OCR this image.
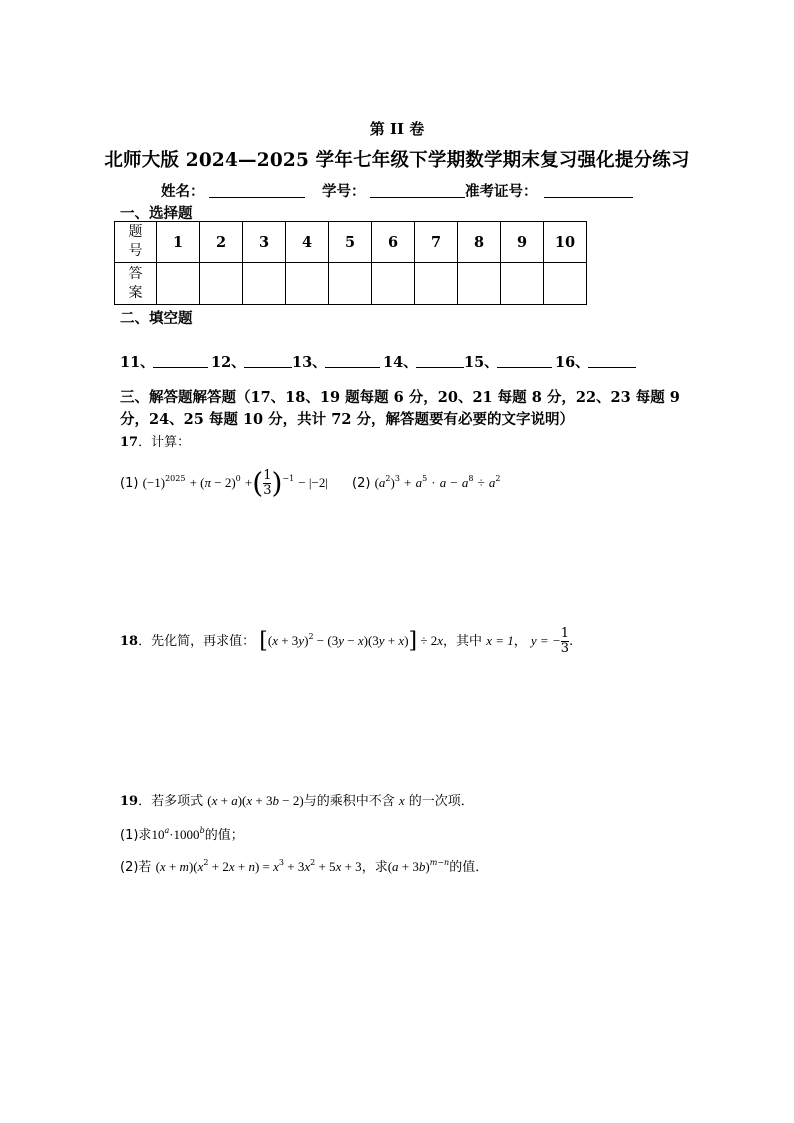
第 II 卷
北师大版 2024—2025 学年七年级下学期数学期末复习强化提分练习
姓名：	学号：	准考证号：
一、选择题
题
号	1	2	3	4	5	6	7	8	9	10
答
案										
二、填空题
11、	12、	13、	14、	15、	16、
三、解答题解答题（17、18、19 题每题 6 分，20、21 每题 8 分，22、23 每题 9
分，24、25 每题 10 分，共计 72 分，解答题要有必要的文字说明）
17．计算：
(1) $(-1)^{2025} + (\pi - 2)^0$ +( $\frac{1}{3} )^{-1} - |-2|$ (2) $(a^2)^3 + a^5 \cdot a - a^8 \div a^2$
18．先化简，再求值： $[(x + 3y)^2 - (3y - x)(3y + x)] \div 2x$，其中 x = 1， y = − $\frac{1}{3}$ .
19．若多项式 (x + a)(x + 3b − 2)与的乘积中不含 x 的一次项．
(1)求$10^a\cdot 1000^b$的值；
(2)若 $(x + m)(x^2 + 2x + n) = x^3 + 3x^2 + 5x + 3$，求$(a + 3b)^{m-n}$的值．
